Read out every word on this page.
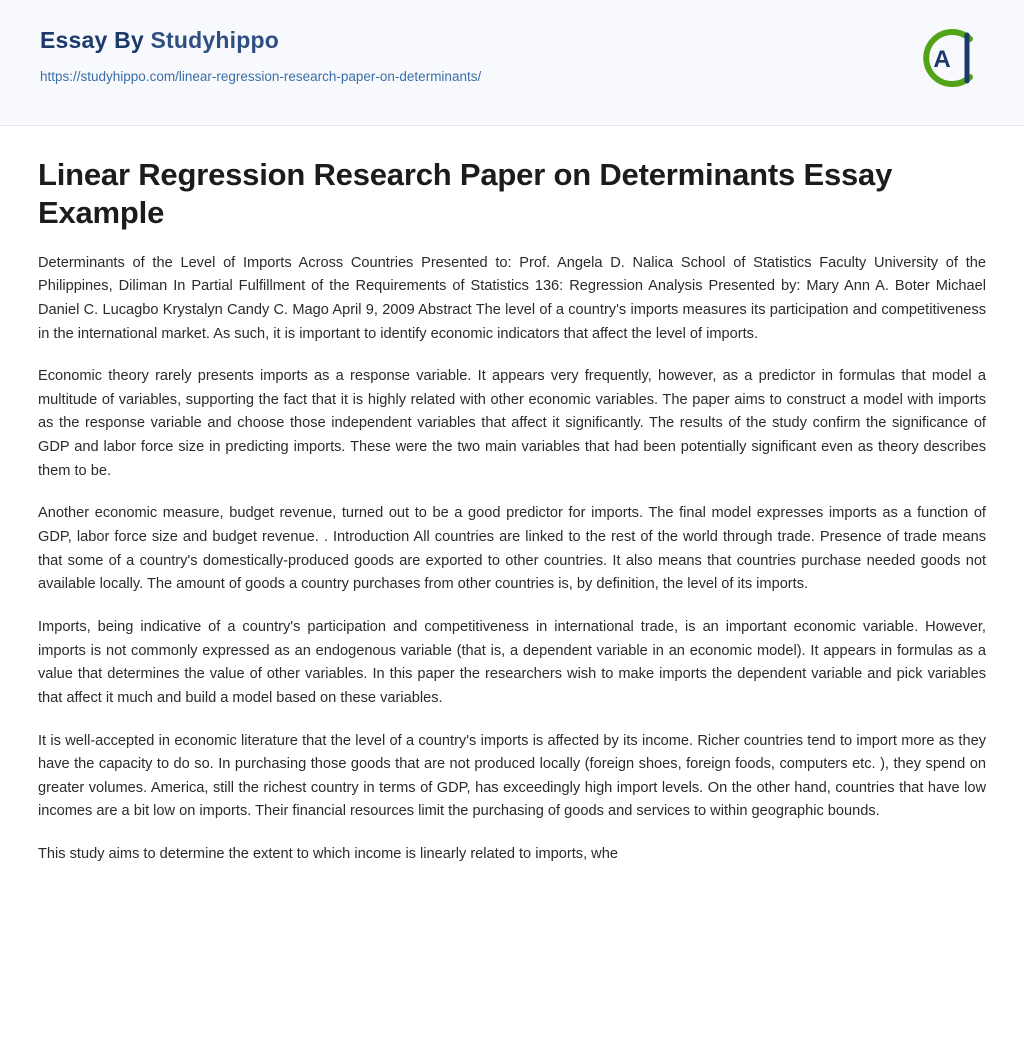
Essay By Studyhippo
https://studyhippo.com/linear-regression-research-paper-on-determinants/
A
Linear Regression Research Paper on Determinants Essay Example

Determinants of the Level of Imports Across Countries Presented to: Prof. Angela D. Nalica School of Statistics Faculty University of the Philippines, Diliman In Partial Fulfillment of the Requirements of Statistics 136: Regression Analysis Presented by: Mary Ann A. Boter Michael Daniel C. Lucagbo Krystalyn Candy C. Mago April 9, 2009 Abstract The level of a country's imports measures its participation and competitiveness in the international market. As such, it is important to identify economic indicators that affect the level of imports.

Economic theory rarely presents imports as a response variable. It appears very frequently, however, as a predictor in formulas that model a multitude of variables, supporting the fact that it is highly related with other economic variables. The paper aims to construct a model with imports as the response variable and choose those independent variables that affect it significantly. The results of the study confirm the significance of GDP and labor force size in predicting imports. These were the two main variables that had been potentially significant even as theory describes them to be.

Another economic measure, budget revenue, turned out to be a good predictor for imports. The final model expresses imports as a function of GDP, labor force size and budget revenue. . Introduction All countries are linked to the rest of the world through trade. Presence of trade means that some of a country's domestically-produced goods are exported to other countries. It also means that countries purchase needed goods not available locally. The amount of goods a country purchases from other countries is, by definition, the level of its imports.

Imports, being indicative of a country's participation and competitiveness in international trade, is an important economic variable. However, imports is not commonly expressed as an endogenous variable (that is, a dependent variable in an economic model). It appears in formulas as a value that determines the value of other variables. In this paper the researchers wish to make imports the dependent variable and pick variables that affect it much and build a model based on these variables.

It is well-accepted in economic literature that the level of a country's imports is affected by its income. Richer countries tend to import more as they have the capacity to do so. In purchasing those goods that are not produced locally (foreign shoes, foreign foods, computers etc. ), they spend on greater volumes. America, still the richest country in terms of GDP, has exceedingly high import levels. On the other hand, countries that have low incomes are a bit low on imports. Their financial resources limit the purchasing of goods and services to within geographic bounds.

This study aims to determine the extent to which income is linearly related to imports, whe
